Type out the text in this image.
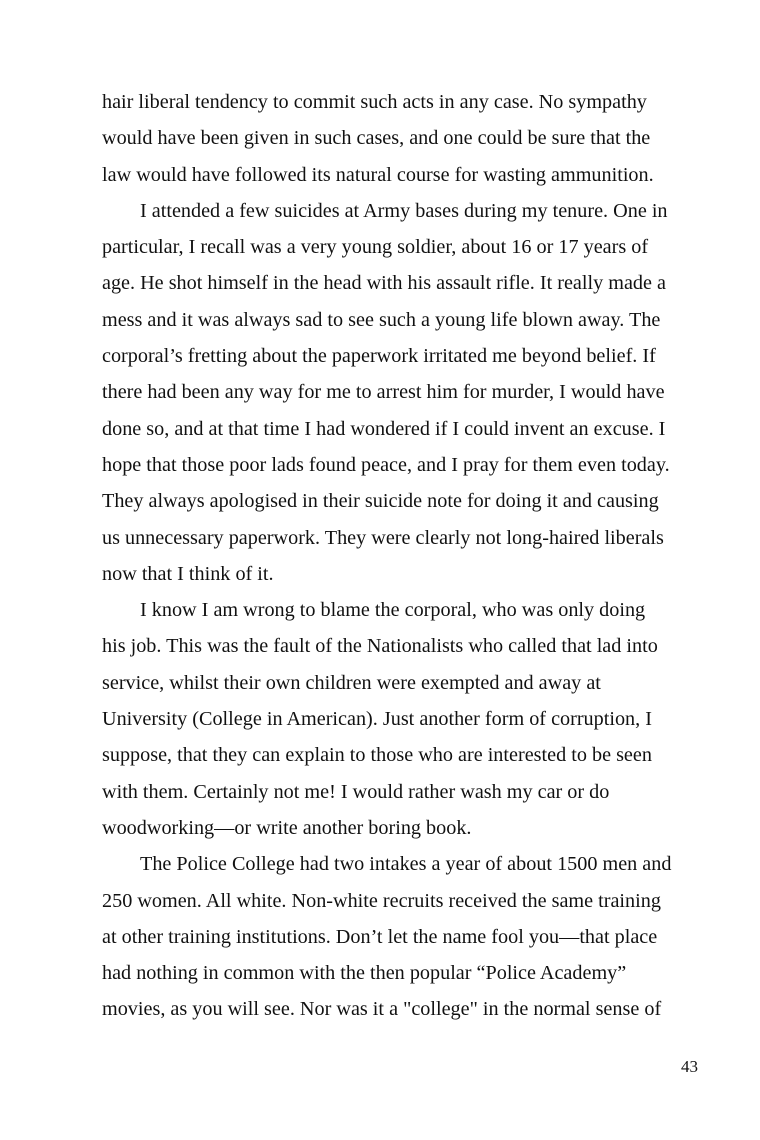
hair liberal tendency to commit such acts in any case. No sympathy
would have been given in such cases, and one could be sure that the
law would have followed its natural course for wasting ammunition.

I attended a few suicides at Army bases during my tenure. One in
particular, I recall was a very young soldier, about 16 or 17 years of
age. He shot himself in the head with his assault rifle. It really made a
mess and it was always sad to see such a young life blown away. The
corporal’s fretting about the paperwork irritated me beyond belief. If
there had been any way for me to arrest him for murder, I would have
done so, and at that time I had wondered if I could invent an excuse. I
hope that those poor lads found peace, and I pray for them even today.
They always apologised in their suicide note for doing it and causing
us unnecessary paperwork. They were clearly not long-haired liberals
now that I think of it.

I know I am wrong to blame the corporal, who was only doing
his job. This was the fault of the Nationalists who called that lad into
service, whilst their own children were exempted and away at
University (College in American). Just another form of corruption, I
suppose, that they can explain to those who are interested to be seen
with them. Certainly not me! I would rather wash my car or do
woodworking—or write another boring book.

The Police College had two intakes a year of about 1500 men and
250 women. All white. Non-white recruits received the same training
at other training institutions. Don’t let the name fool you—that place
had nothing in common with the then popular “Police Academy”
movies, as you will see. Nor was it a "college" in the normal sense of

43
